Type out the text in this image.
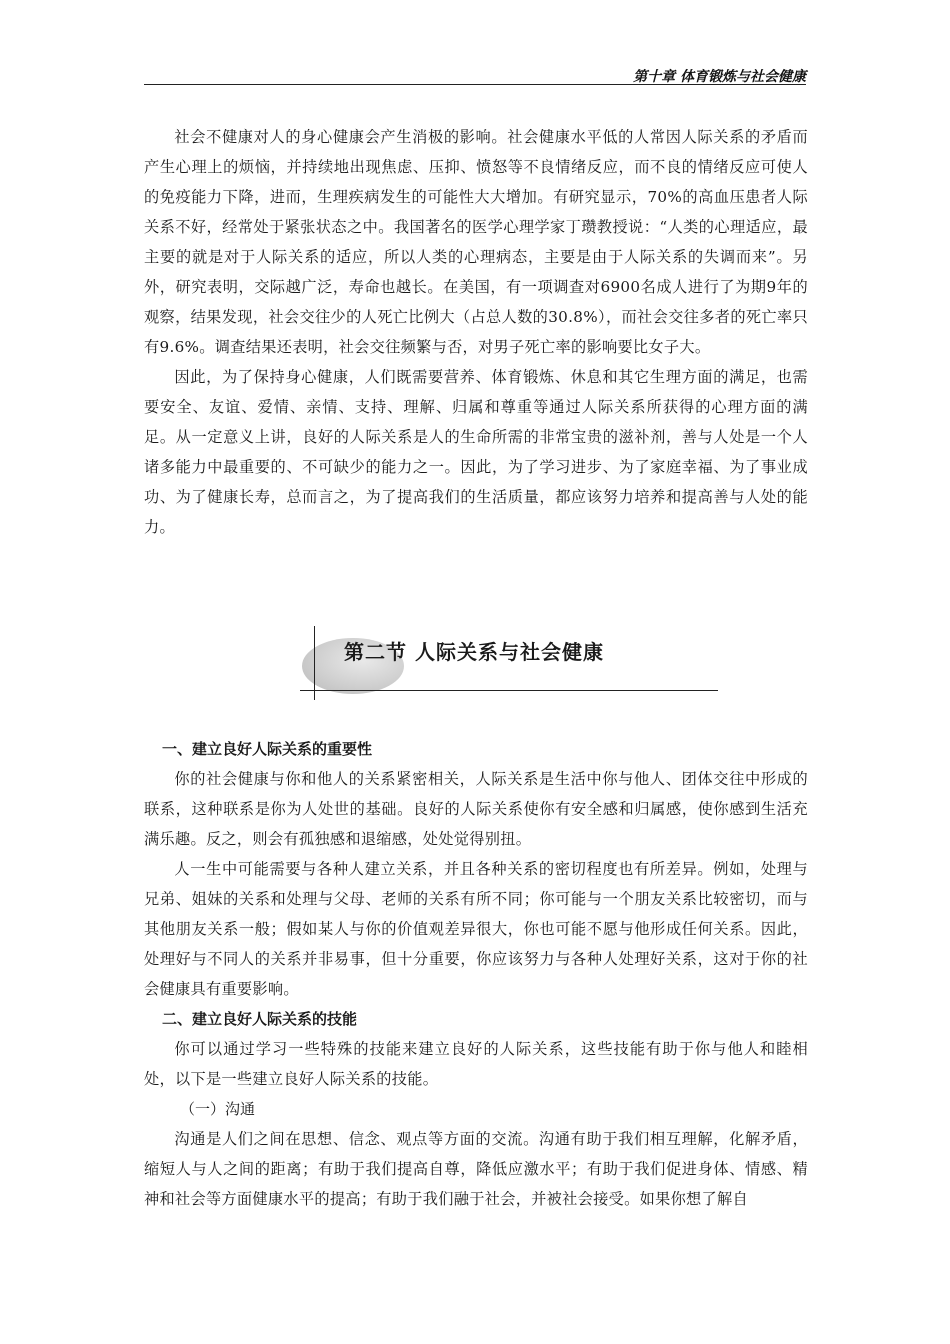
第十章 体育锻炼与社会健康

社会不健康对人的身心健康会产生消极的影响。社会健康水平低的人常因人际关系的矛盾而产生心理上的烦恼，并持续地出现焦虑、压抑、愤怒等不良情绪反应，而不良的情绪反应可使人的免疫能力下降，进而，生理疾病发生的可能性大大增加。有研究显示，70%的高血压患者人际关系不好，经常处于紧张状态之中。我国著名的医学心理学家丁瓒教授说：“人类的心理适应，最主要的就是对于人际关系的适应，所以人类的心理病态，主要是由于人际关系的失调而来”。另外，研究表明，交际越广泛，寿命也越长。在美国，有一项调查对6900名成人进行了为期9年的观察，结果发现，社会交往少的人死亡比例大（占总人数的30.8%），而社会交往多者的死亡率只有9.6%。调查结果还表明，社会交往频繁与否，对男子死亡率的影响要比女子大。

因此，为了保持身心健康，人们既需要营养、体育锻炼、休息和其它生理方面的满足，也需要安全、友谊、爱情、亲情、支持、理解、归属和尊重等通过人际关系所获得的心理方面的满足。从一定意义上讲，良好的人际关系是人的生命所需的非常宝贵的滋补剂，善与人处是一个人诸多能力中最重要的、不可缺少的能力之一。因此，为了学习进步、为了家庭幸福、为了事业成功、为了健康长寿，总而言之，为了提高我们的生活质量，都应该努力培养和提高善与人处的能力。

第二节 人际关系与社会健康

一、建立良好人际关系的重要性

你的社会健康与你和他人的关系紧密相关，人际关系是生活中你与他人、团体交往中形成的联系，这种联系是你为人处世的基础。良好的人际关系使你有安全感和归属感，使你感到生活充满乐趣。反之，则会有孤独感和退缩感，处处觉得别扭。

人一生中可能需要与各种人建立关系，并且各种关系的密切程度也有所差异。例如，处理与兄弟、姐妹的关系和处理与父母、老师的关系有所不同；你可能与一个朋友关系比较密切，而与其他朋友关系一般；假如某人与你的价值观差异很大，你也可能不愿与他形成任何关系。因此，处理好与不同人的关系并非易事，但十分重要，你应该努力与各种人处理好关系，这对于你的社会健康具有重要影响。

二、建立良好人际关系的技能

你可以通过学习一些特殊的技能来建立良好的人际关系，这些技能有助于你与他人和睦相处，以下是一些建立良好人际关系的技能。

（一）沟通

沟通是人们之间在思想、信念、观点等方面的交流。沟通有助于我们相互理解，化解矛盾，缩短人与人之间的距离；有助于我们提高自尊，降低应激水平；有助于我们促进身体、情感、精神和社会等方面健康水平的提高；有助于我们融于社会，并被社会接受。如果你想了解自
